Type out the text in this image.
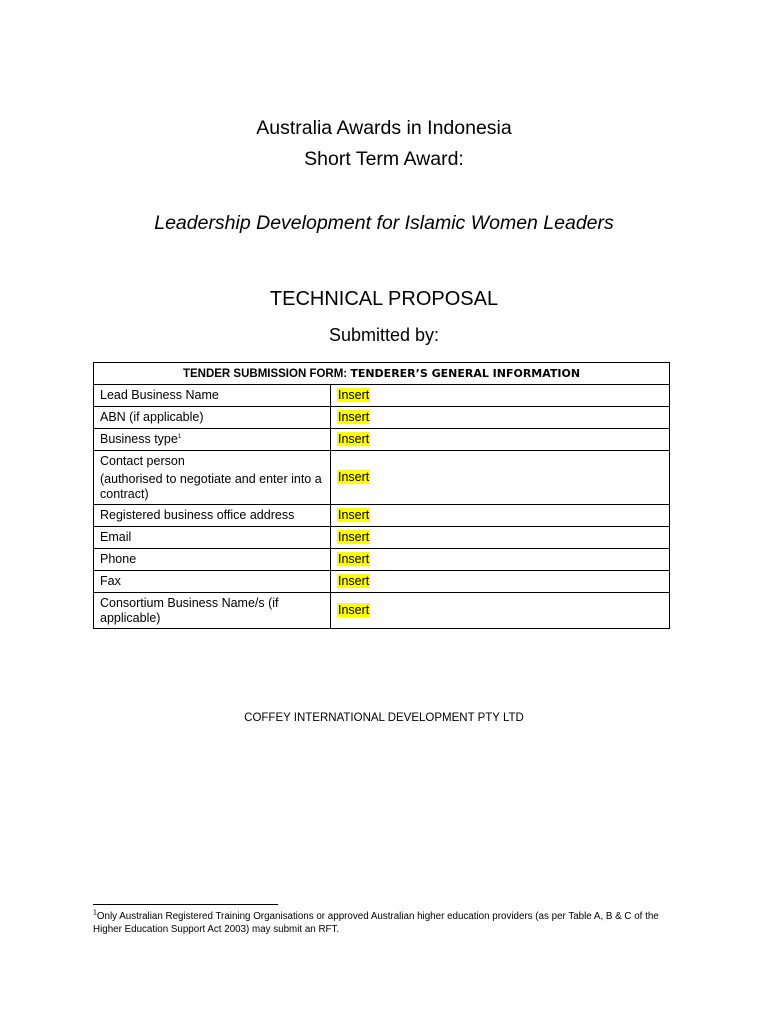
Australia Awards in Indonesia
Short Term Award:
Leadership Development for Islamic Women Leaders
TECHNICAL PROPOSAL
Submitted by:
TENDER SUBMISSION FORM: TENDERER’S GENERAL INFORMATION	
Lead Business Name	Insert
ABN (if applicable)	Insert
Business type$^1$	Insert

Contact person
(authorised to negotiate and enter into a contract)	Insert
Registered business office address	Insert
Email	Insert
Phone	Insert
Fax	Insert
Consortium Business Name/s (if applicable)	Insert
COFFEY INTERNATIONAL DEVELOPMENT PTY LTD
$^1$Only Australian Registered Training Organisations or approved Australian higher education providers (as per Table A, B & C of the Higher Education Support Act 2003) may submit an RFT.
